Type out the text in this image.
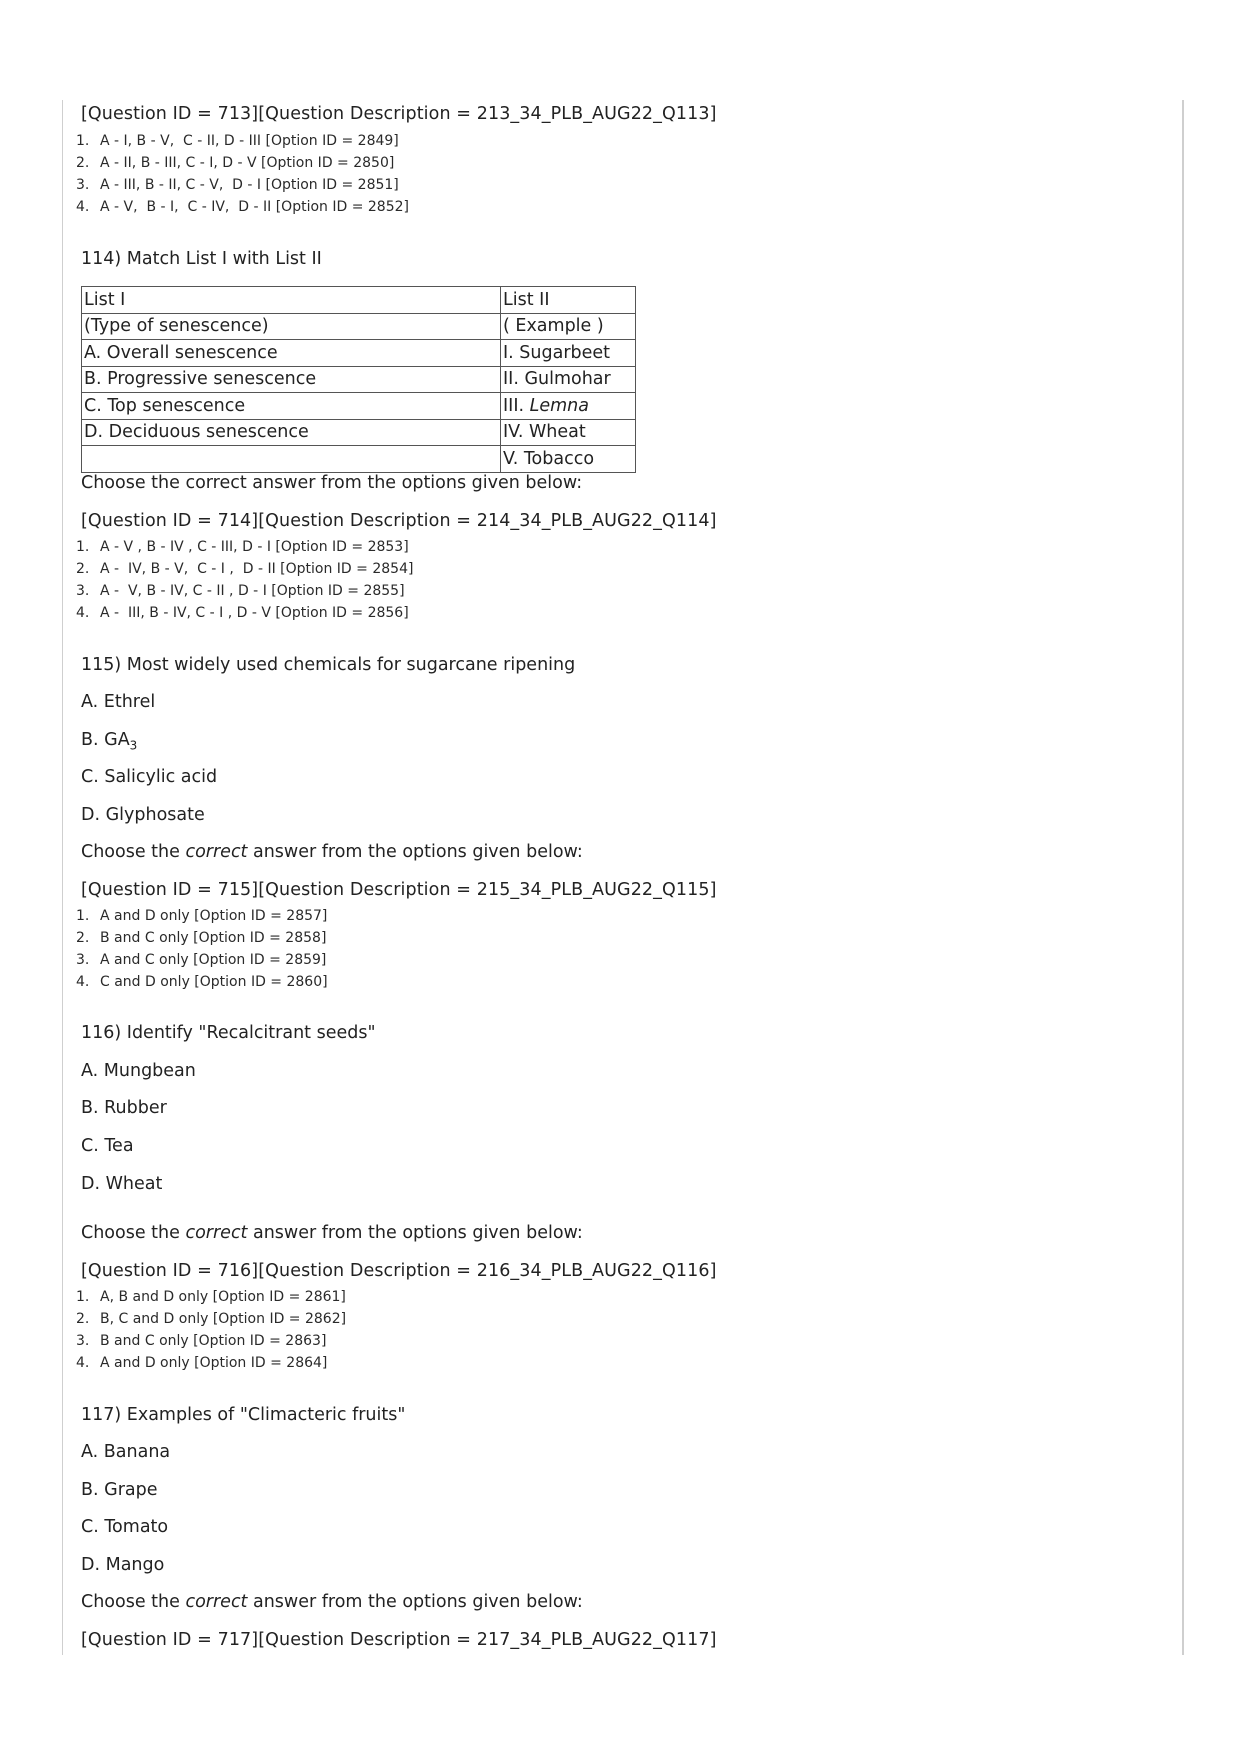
[Question ID = 713][Question Description = 213_34_PLB_AUG22_Q113]
1. A - I, B - V,  C - II, D - III [Option ID = 2849]
2. A - II, B - III, C - I, D - V [Option ID = 2850]
3. A - III, B - II, C - V,  D - I [Option ID = 2851]
4. A - V,  B - I,  C - IV,  D - II [Option ID = 2852]
114) Match List I with List II
List I	List II
(Type of senescence)	( Example )
A. Overall senescence	I. Sugarbeet
B. Progressive senescence	II. Gulmohar
C. Top senescence	III. Lemna
D. Deciduous senescence	IV. Wheat
	V. Tobacco
Choose the correct answer from the options given below:
[Question ID = 714][Question Description = 214_34_PLB_AUG22_Q114]
1. A - V , B - IV , C - III, D - I [Option ID = 2853]
2. A -  IV, B - V,  C - I ,  D - II [Option ID = 2854]
3. A -  V, B - IV, C - II , D - I [Option ID = 2855]
4. A -  III, B - IV, C - I , D - V [Option ID = 2856]
115) Most widely used chemicals for sugarcane ripening
A. Ethrel
B. $GA_3$
C. Salicylic acid
D. Glyphosate
Choose the correct answer from the options given below:
[Question ID = 715][Question Description = 215_34_PLB_AUG22_Q115]
1. A and D only [Option ID = 2857]
2. B and C only [Option ID = 2858]
3. A and C only [Option ID = 2859]
4. C and D only [Option ID = 2860]
116) Identify "Recalcitrant seeds"
A. Mungbean
B. Rubber
C. Tea
D. Wheat
Choose the correct answer from the options given below:
[Question ID = 716][Question Description = 216_34_PLB_AUG22_Q116]
1. A, B and D only [Option ID = 2861]
2. B, C and D only [Option ID = 2862]
3. B and C only [Option ID = 2863]
4. A and D only [Option ID = 2864]
117) Examples of "Climacteric fruits"
A. Banana
B. Grape
C. Tomato
D. Mango
Choose the correct answer from the options given below:
[Question ID = 717][Question Description = 217_34_PLB_AUG22_Q117]
